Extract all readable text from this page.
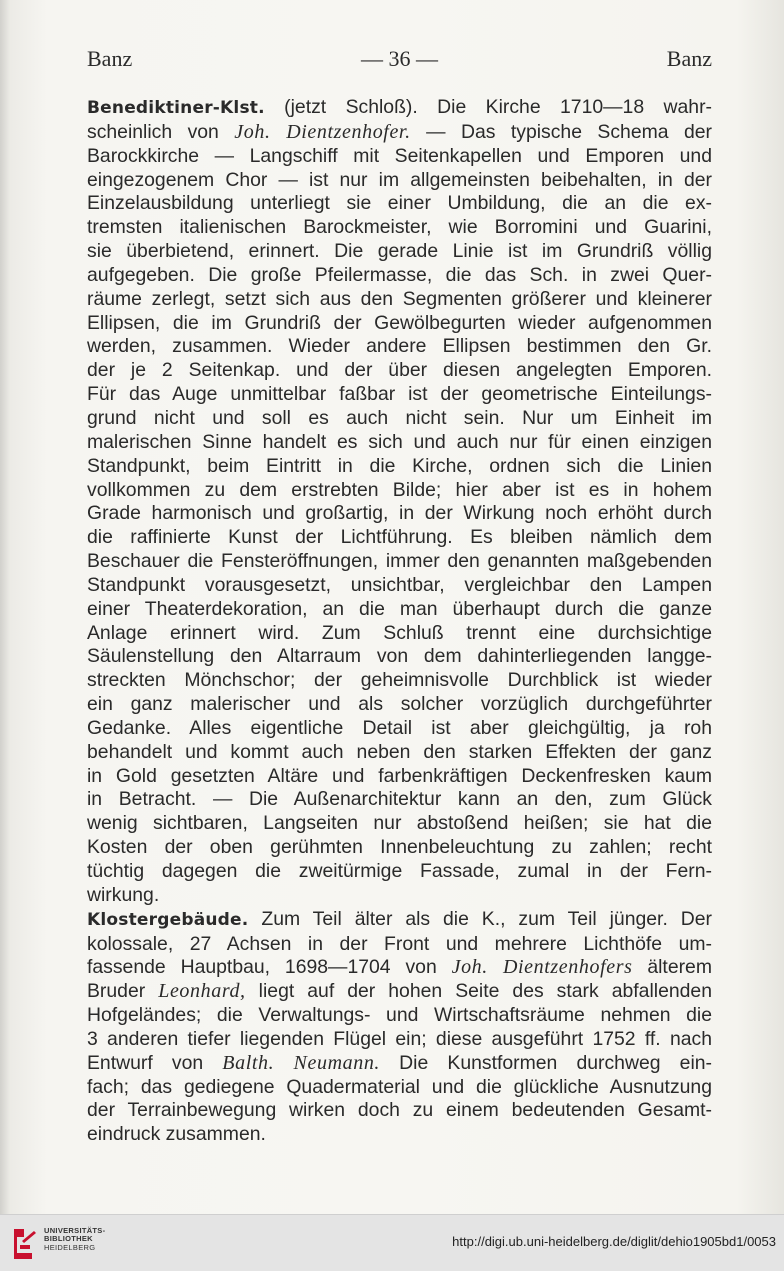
Banz	— 36 —	Banz
Benediktiner-Klst. (jetzt Schloß). Die Kirche 1710—18 wahr-
scheinlich von Joh. Dientzenhofer. — Das typische Schema der
Barockkirche — Langschiff mit Seitenkapellen und Emporen und
eingezogenem Chor — ist nur im allgemeinsten beibehalten, in der
Einzelausbildung unterliegt sie einer Umbildung, die an die ex-
tremsten italienischen Barockmeister, wie Borromini und Guarini,
sie überbietend, erinnert. Die gerade Linie ist im Grundriß völlig
aufgegeben. Die große Pfeilermasse, die das Sch. in zwei Quer-
räume zerlegt, setzt sich aus den Segmenten größerer und kleinerer
Ellipsen, die im Grundriß der Gewölbegurten wieder aufgenommen
werden, zusammen. Wieder andere Ellipsen bestimmen den Gr.
der je 2 Seitenkap. und der über diesen angelegten Emporen.
Für das Auge unmittelbar faßbar ist der geometrische Einteilungs-
grund nicht und soll es auch nicht sein. Nur um Einheit im
malerischen Sinne handelt es sich und auch nur für einen einzigen
Standpunkt, beim Eintritt in die Kirche, ordnen sich die Linien
vollkommen zu dem erstrebten Bilde; hier aber ist es in hohem
Grade harmonisch und großartig, in der Wirkung noch erhöht durch
die raffinierte Kunst der Lichtführung. Es bleiben nämlich dem
Beschauer die Fensteröffnungen, immer den genannten maßgebenden
Standpunkt vorausgesetzt, unsichtbar, vergleichbar den Lampen
einer Theaterdekoration, an die man überhaupt durch die ganze
Anlage erinnert wird. Zum Schluß trennt eine durchsichtige
Säulenstellung den Altarraum von dem dahinterliegenden langge-
streckten Mönchschor; der geheimnisvolle Durchblick ist wieder
ein ganz malerischer und als solcher vorzüglich durchgeführter
Gedanke. Alles eigentliche Detail ist aber gleichgültig, ja roh
behandelt und kommt auch neben den starken Effekten der ganz
in Gold gesetzten Altäre und farbenkräftigen Deckenfresken kaum
in Betracht. — Die Außenarchitektur kann an den, zum Glück
wenig sichtbaren, Langseiten nur abstoßend heißen; sie hat die
Kosten der oben gerühmten Innenbeleuchtung zu zahlen; recht
tüchtig dagegen die zweitürmige Fassade, zumal in der Fern-
wirkung.
Klostergebäude. Zum Teil älter als die K., zum Teil jünger. Der
kolossale, 27 Achsen in der Front und mehrere Lichthöfe um-
fassende Hauptbau, 1698—1704 von Joh. Dientzenhofers älterem
Bruder Leonhard, liegt auf der hohen Seite des stark abfallenden
Hofgeländes; die Verwaltungs- und Wirtschaftsräume nehmen die
3 anderen tiefer liegenden Flügel ein; diese ausgeführt 1752 ff. nach
Entwurf von Balth. Neumann. Die Kunstformen durchweg ein-
fach; das gediegene Quadermaterial und die glückliche Ausnutzung
der Terrainbewegung wirken doch zu einem bedeutenden Gesamt-
eindruck zusammen.
UNIVERSITÄTS-
BIBLIOTHEK
HEIDELBERG	http://digi.ub.uni-heidelberg.de/diglit/dehio1905bd1/0053
